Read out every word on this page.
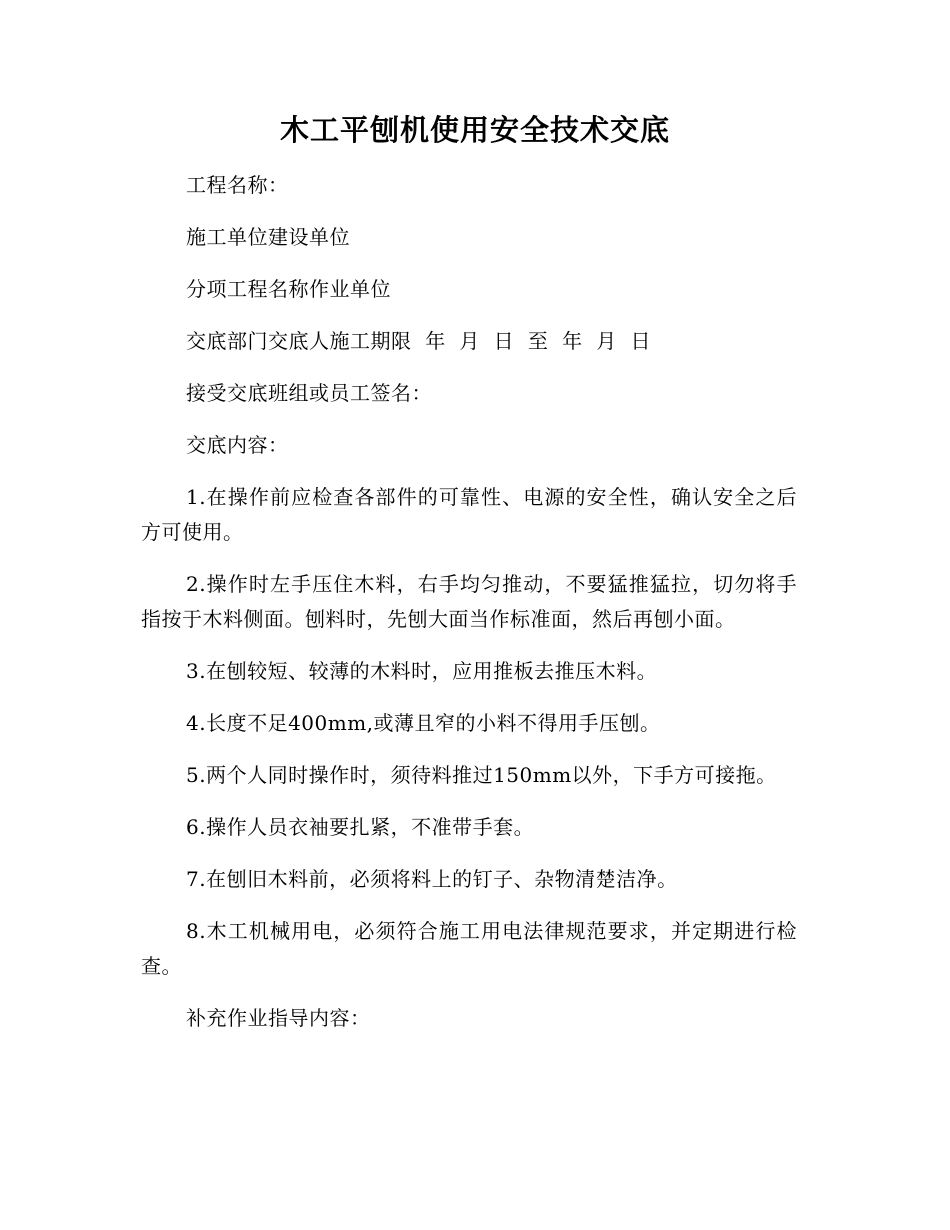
木工平刨机使用安全技术交底

工程名称：

施工单位建设单位

分项工程名称作业单位

交底部门交底人施工期限  年  月  日  至  年  月  日

接受交底班组或员工签名：

交底内容：

1.在操作前应检查各部件的可靠性、电源的安全性，确认安全之后方可使用。

2.操作时左手压住木料，右手均匀推动，不要猛推猛拉，切勿将手指按于木料侧面。刨料时，先刨大面当作标准面，然后再刨小面。

3.在刨较短、较薄的木料时，应用推板去推压木料。

4.长度不足400mm,或薄且窄的小料不得用手压刨。

5.两个人同时操作时，须待料推过150mm以外，下手方可接拖。

6.操作人员衣袖要扎紧，不准带手套。

7.在刨旧木料前，必须将料上的钉子、杂物清楚洁净。

8.木工机械用电，必须符合施工用电法律规范要求，并定期进行检查。

补充作业指导内容：
